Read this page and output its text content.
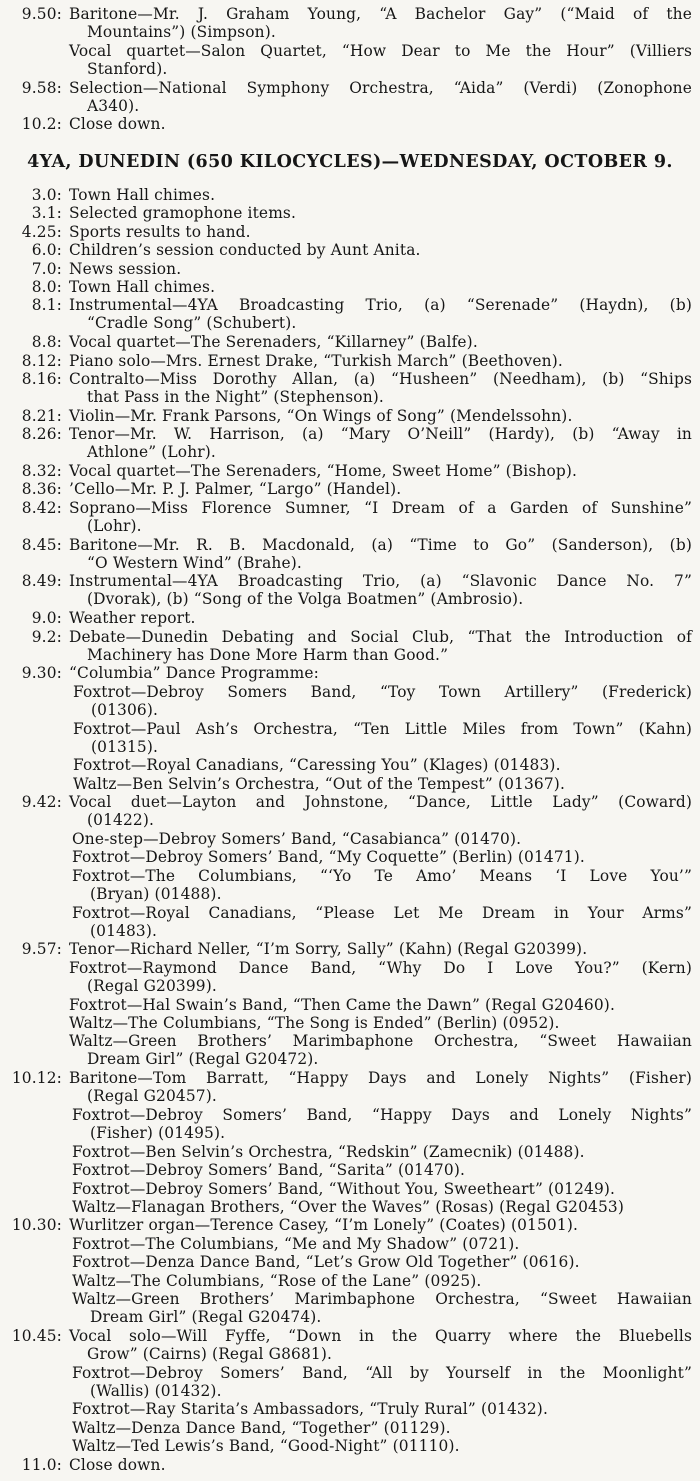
9.50: Baritone—Mr. J. Graham Young, “A Bachelor Gay” (“Maid of the
Mountains”) (Simpson).
Vocal quartet—Salon Quartet, “How Dear to Me the Hour” (Villiers
Stanford).
9.58: Selection—National Symphony Orchestra, “Aida” (Verdi) (Zonophone
A340).
10.2: Close down.
4YA, DUNEDIN (650 KILOCYCLES)—WEDNESDAY, OCTOBER 9.
3.0: Town Hall chimes.
3.1: Selected gramophone items.
4.25: Sports results to hand.
6.0: Children’s session conducted by Aunt Anita.
7.0: News session.
8.0: Town Hall chimes.
8.1: Instrumental—4YA Broadcasting Trio, (a) “Serenade” (Haydn), (b)
“Cradle Song” (Schubert).
8.8: Vocal quartet—The Serenaders, “Killarney” (Balfe).
8.12: Piano solo—Mrs. Ernest Drake, “Turkish March” (Beethoven).
8.16: Contralto—Miss Dorothy Allan, (a) “Husheen” (Needham), (b) “Ships
that Pass in the Night” (Stephenson).
8.21: Violin—Mr. Frank Parsons, “On Wings of Song” (Mendelssohn).
8.26: Tenor—Mr. W. Harrison, (a) “Mary O’Neill” (Hardy), (b) “Away in
Athlone” (Lohr).
8.32: Vocal quartet—The Serenaders, “Home, Sweet Home” (Bishop).
8.36: ’Cello—Mr. P. J. Palmer, “Largo” (Handel).
8.42: Soprano—Miss Florence Sumner, “I Dream of a Garden of Sunshine”
(Lohr).
8.45: Baritone—Mr. R. B. Macdonald, (a) “Time to Go” (Sanderson), (b)
“O Western Wind” (Brahe).
8.49: Instrumental—4YA Broadcasting Trio, (a) “Slavonic Dance No. 7”
(Dvorak), (b) “Song of the Volga Boatmen” (Ambrosio).
9.0: Weather report.
9.2: Debate—Dunedin Debating and Social Club, “That the Introduction of
Machinery has Done More Harm than Good.”
9.30: “Columbia” Dance Programme:
Foxtrot—Debroy Somers Band, “Toy Town Artillery” (Frederick)
(01306).
Foxtrot—Paul Ash’s Orchestra, “Ten Little Miles from Town” (Kahn)
(01315).
Foxtrot—Royal Canadians, “Caressing You” (Klages) (01483).
Waltz—Ben Selvin’s Orchestra, “Out of the Tempest” (01367).
9.42: Vocal duet—Layton and Johnstone, “Dance, Little Lady” (Coward)
(01422).
One-step—Debroy Somers’ Band, “Casabianca” (01470).
Foxtrot—Debroy Somers’ Band, “My Coquette” (Berlin) (01471).
Foxtrot—The Columbians, “‘Yo Te Amo’ Means ‘I Love You’”
(Bryan) (01488).
Foxtrot—Royal Canadians, “Please Let Me Dream in Your Arms”
(01483).
9.57: Tenor—Richard Neller, “I’m Sorry, Sally” (Kahn) (Regal G20399).
Foxtrot—Raymond Dance Band, “Why Do I Love You?” (Kern)
(Regal G20399).
Foxtrot—Hal Swain’s Band, “Then Came the Dawn” (Regal G20460).
Waltz—The Columbians, “The Song is Ended” (Berlin) (0952).
Waltz—Green Brothers’ Marimbaphone Orchestra, “Sweet Hawaiian
Dream Girl” (Regal G20472).
10.12: Baritone—Tom Barratt, “Happy Days and Lonely Nights” (Fisher)
(Regal G20457).
Foxtrot—Debroy Somers’ Band, “Happy Days and Lonely Nights”
(Fisher) (01495).
Foxtrot—Ben Selvin’s Orchestra, “Redskin” (Zamecnik) (01488).
Foxtrot—Debroy Somers’ Band, “Sarita” (01470).
Foxtrot—Debroy Somers’ Band, “Without You, Sweetheart” (01249).
Waltz—Flanagan Brothers, “Over the Waves” (Rosas) (Regal G20453)
10.30: Wurlitzer organ—Terence Casey, “I’m Lonely” (Coates) (01501).
Foxtrot—The Columbians, “Me and My Shadow” (0721).
Foxtrot—Denza Dance Band, “Let’s Grow Old Together” (0616).
Waltz—The Columbians, “Rose of the Lane” (0925).
Waltz—Green Brothers’ Marimbaphone Orchestra, “Sweet Hawaiian
Dream Girl” (Regal G20474).
10.45: Vocal solo—Will Fyffe, “Down in the Quarry where the Bluebells
Grow” (Cairns) (Regal G8681).
Foxtrot—Debroy Somers’ Band, “All by Yourself in the Moonlight”
(Wallis) (01432).
Foxtrot—Ray Starita’s Ambassadors, “Truly Rural” (01432).
Waltz—Denza Dance Band, “Together” (01129).
Waltz—Ted Lewis’s Band, “Good-Night” (01110).
11.0: Close down.
